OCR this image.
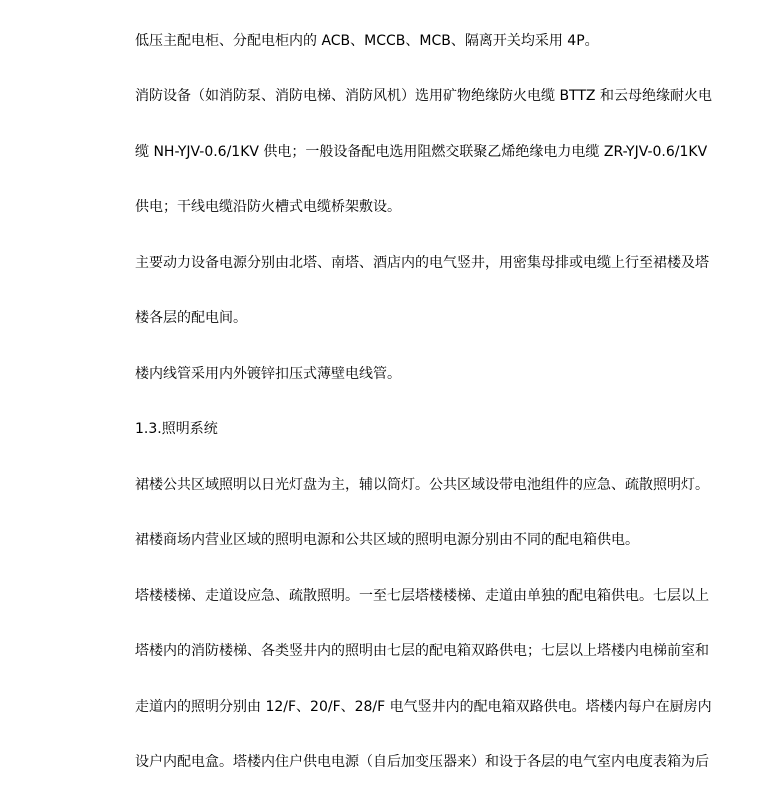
低压主配电柜、分配电柜内的 ACB、MCCB、MCB、隔离开关均采用 4P。
消防设备（如消防泵、消防电梯、消防风机）选用矿物绝缘防火电缆 BTTZ 和云母绝缘耐火电
缆 NH-YJV-0.6/1KV 供电；一般设备配电选用阻燃交联聚乙烯绝缘电力电缆 ZR-YJV-0.6/1KV
供电；干线电缆沿防火槽式电缆桥架敷设。
主要动力设备电源分别由北塔、南塔、酒店内的电气竖井，用密集母排或电缆上行至裙楼及塔
楼各层的配电间。
楼内线管采用内外镀锌扣压式薄壁电线管。
1.3.照明系统
裙楼公共区域照明以日光灯盘为主，辅以筒灯。公共区域设带电池组件的应急、疏散照明灯。
裙楼商场内营业区域的照明电源和公共区域的照明电源分别由不同的配电箱供电。
塔楼楼梯、走道设应急、疏散照明。一至七层塔楼楼梯、走道由单独的配电箱供电。七层以上
塔楼内的消防楼梯、各类竖井内的照明由七层的配电箱双路供电；七层以上塔楼内电梯前室和
走道内的照明分别由 12/F、20/F、28/F 电气竖井内的配电箱双路供电。塔楼内每户在厨房内
设户内配电盒。塔楼内住户供电电源（自后加变压器来）和设于各层的电气室内电度表箱为后
